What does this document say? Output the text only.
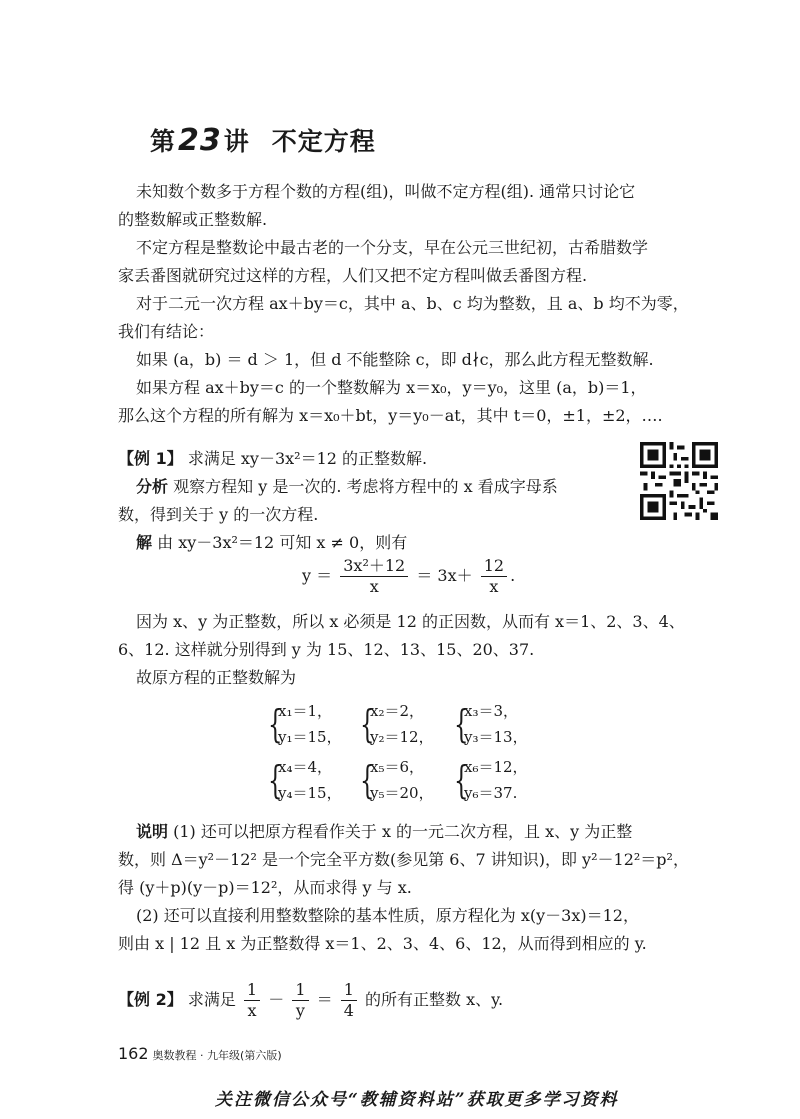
第23讲 不定方程
未知数个数多于方程个数的方程(组)，叫做不定方程(组). 通常只讨论它
的整数解或正整数解.
不定方程是整数论中最古老的一个分支，早在公元三世纪初，古希腊数学
家丢番图就研究过这样的方程，人们又把不定方程叫做丢番图方程.
对于二元一次方程 ax＋by＝c，其中 a、b、c 均为整数，且 a、b 均不为零，
我们有结论：
如果 (a，b) ＝ d ＞ 1，但 d 不能整除 c，即 d∤c，那么此方程无整数解.
如果方程 ax＋by＝c 的一个整数解为 x＝x₀，y＝y₀，这里 (a，b)＝1，
那么这个方程的所有解为 x＝x₀＋bt，y＝y₀－at，其中 t＝0，±1，±2，….
【例 1】 求满足 xy－3x²＝12 的正整数解.
分析 观察方程知 y 是一次的. 考虑将方程中的 x 看成字母系
数，得到关于 y 的一次方程.
解 由 xy－3x²＝12 可知 x ≠ 0，则有
$y = \frac{\text{3x²＋12}}{x} = 3x+ \frac{12}{x}$ .
因为 x、y 为正整数，所以 x 必须是 12 的正因数，从而有 x＝1、2、3、4、
6、12. 这样就分别得到 y 为 15、12、13、15、20、37.
故原方程的正整数解为
{
x₁＝1，
y₁＝15， {
x₂＝2，
y₂＝12， {
x₃＝3，
y₃＝13，
{
x₄＝4，
y₄＝15， {
x₅＝6，
y₅＝20， {
x₆＝12，
y₆＝37.
说明 (1) 还可以把原方程看作关于 x 的一元二次方程，且 x、y 为正整
数，则 Δ＝y²－12² 是一个完全平方数(参见第 6、7 讲知识)，即 y²－12²＝p²，
得 (y＋p)(y－p)＝12²，从而求得 y 与 x.
(2) 还可以直接利用整数整除的基本性质，原方程化为 x(y－3x)＝12，
则由 x | 12 且 x 为正整数得 x＝1、2、3、4、6、12，从而得到相应的 y.
【例 2】 求满足 $\frac{1}{x} - \frac{1}{y} = \frac{1}{4}$ 的所有正整数 x、y.
162 奥数教程 · 九年级(第六版)
关注微信公众号“教辅资料站”获取更多学习资料
